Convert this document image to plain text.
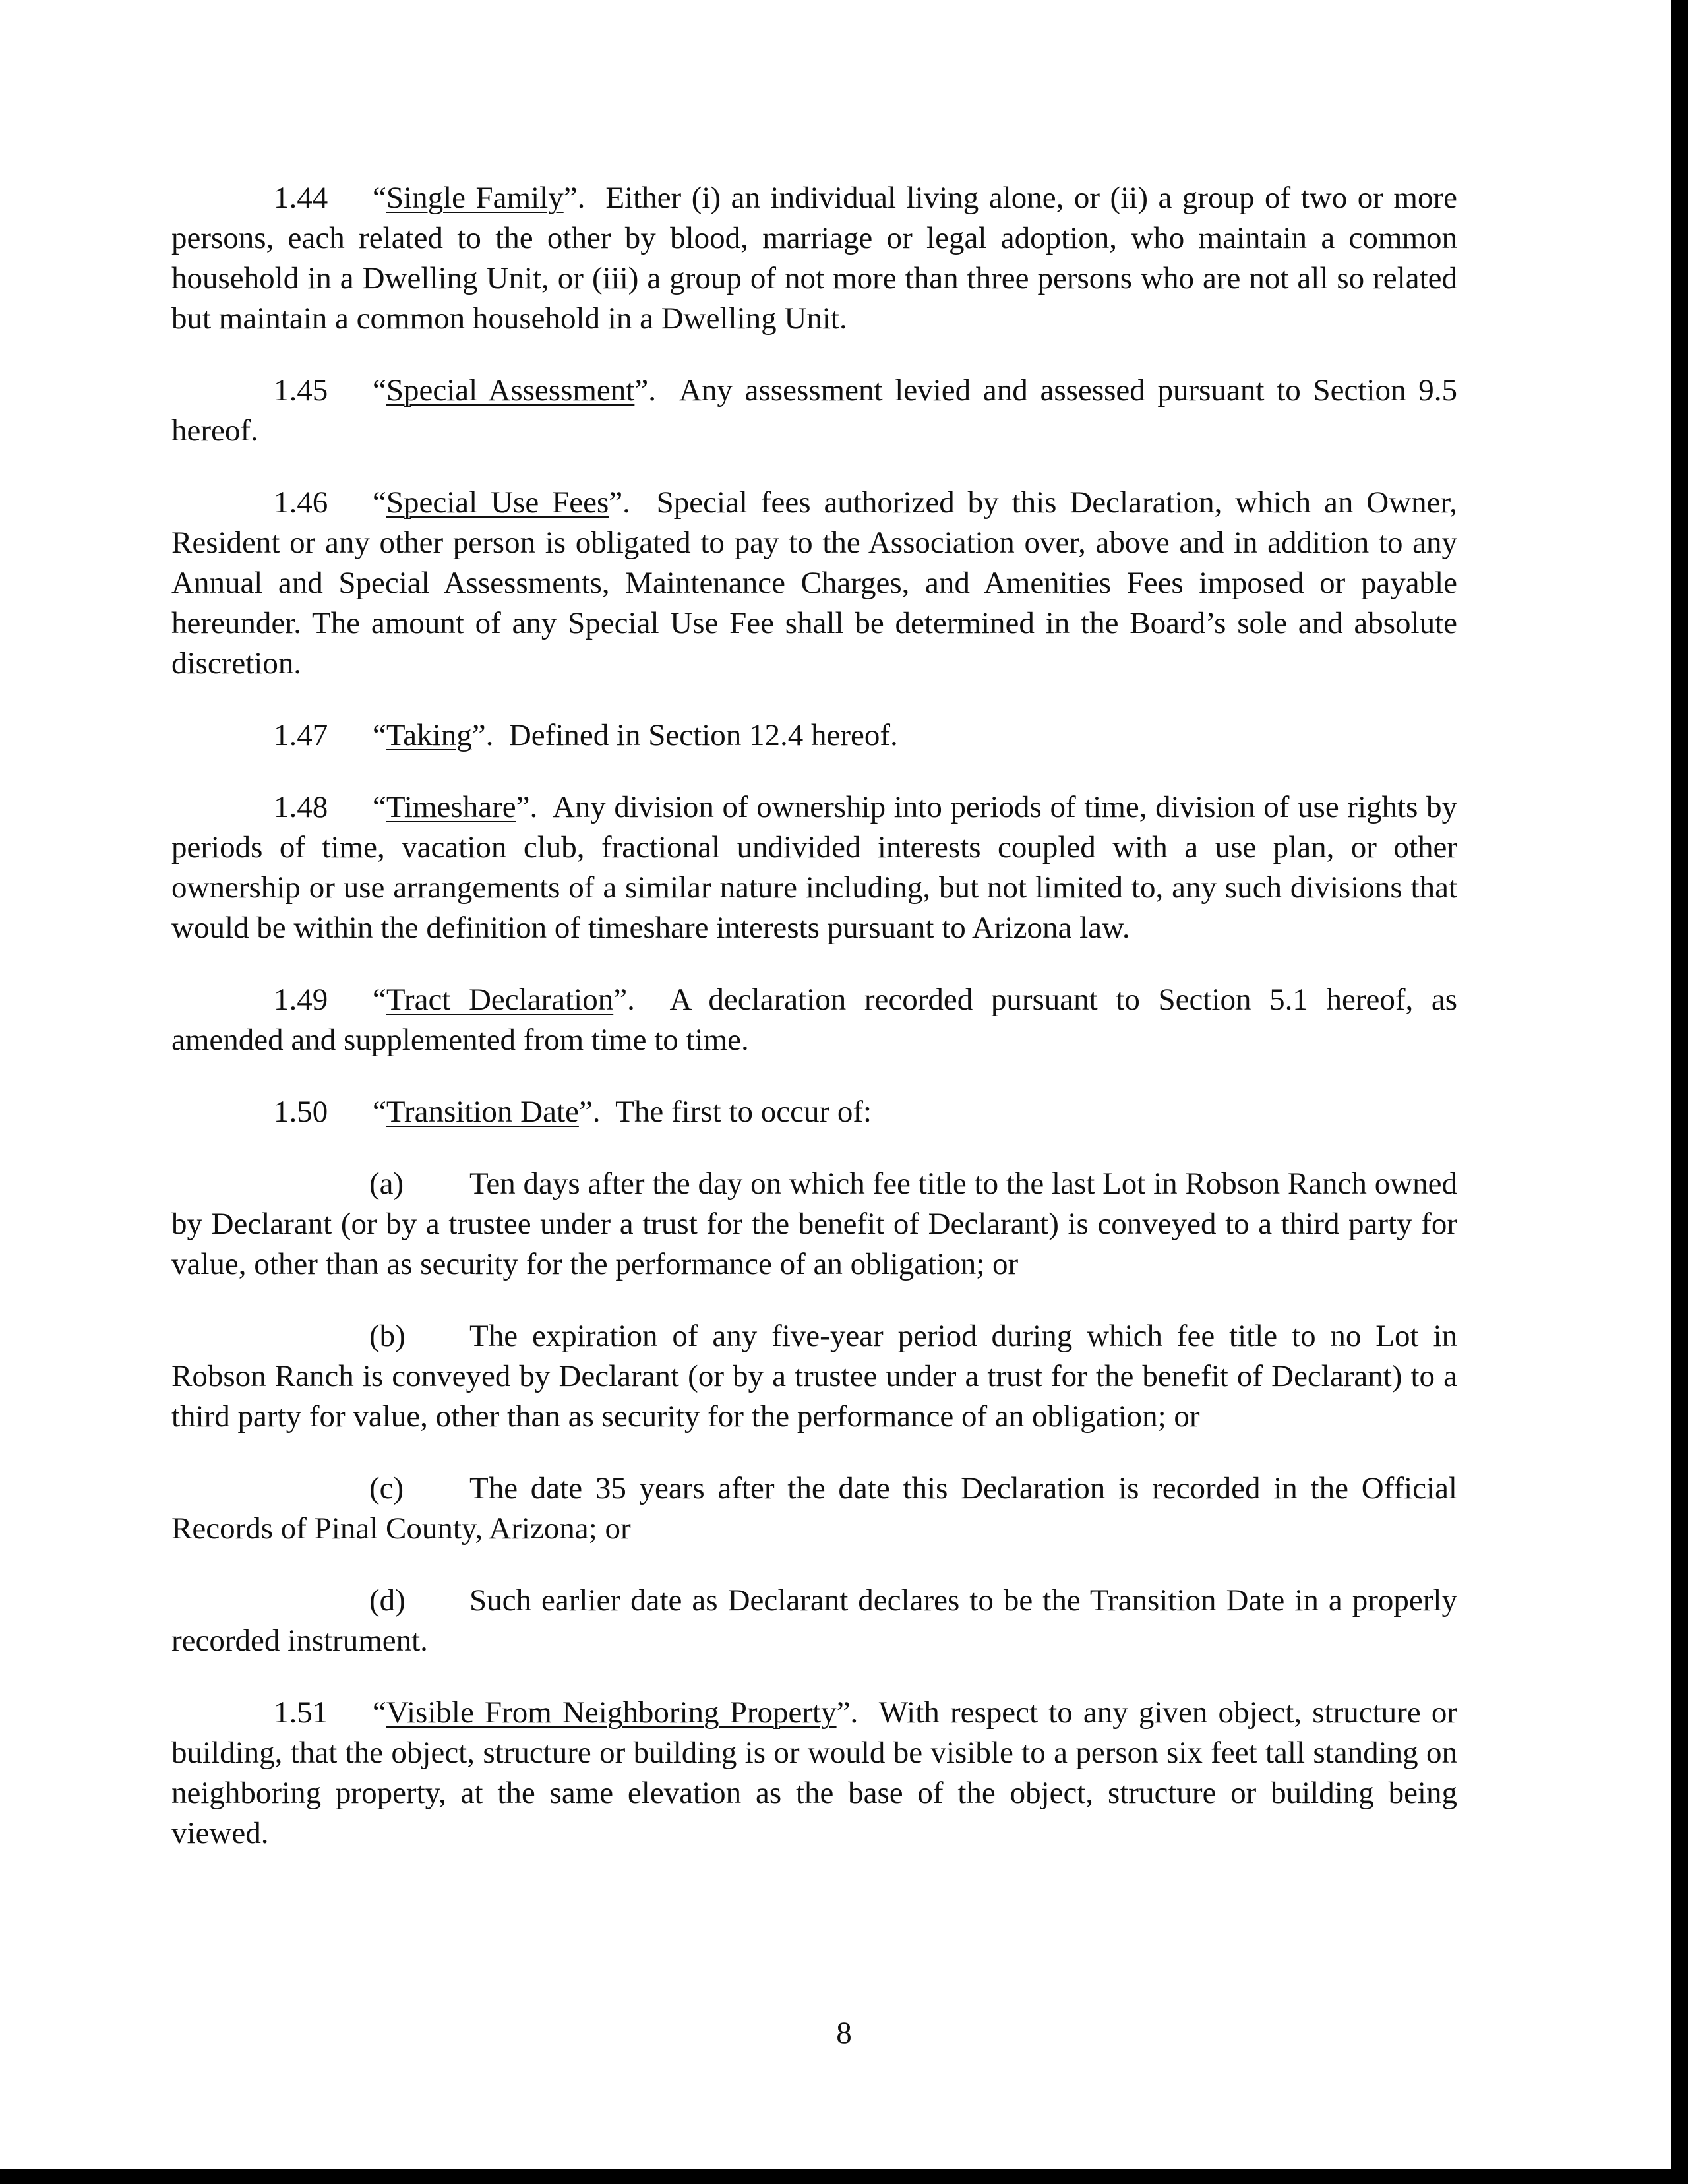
1.44 “Single Family”.  Either (i) an individual living alone, or (ii) a group of two or more persons, each related to the other by blood, marriage or legal adoption, who maintain a common household in a Dwelling Unit, or (iii) a group of not more than three persons who are not all so related but maintain a common household in a Dwelling Unit.

1.45 “Special Assessment”.  Any assessment levied and assessed pursuant to Section 9.5 hereof.

1.46 “Special Use Fees”.  Special fees authorized by this Declaration, which an Owner, Resident or any other person is obligated to pay to the Association over, above and in addition to any Annual and Special Assessments, Maintenance Charges, and Amenities Fees imposed or payable hereunder. The amount of any Special Use Fee shall be determined in the Board’s sole and absolute discretion.

1.47 “Taking”.  Defined in Section 12.4 hereof.

1.48 “Timeshare”.  Any division of ownership into periods of time, division of use rights by periods of time, vacation club, fractional undivided interests coupled with a use plan, or other ownership or use arrangements of a similar nature including, but not limited to, any such divisions that would be within the definition of timeshare interests pursuant to Arizona law.

1.49 “Tract Declaration”.  A declaration recorded pursuant to Section 5.1 hereof, as amended and supplemented from time to time.

1.50 “Transition Date”.  The first to occur of:

(a) Ten days after the day on which fee title to the last Lot in Robson Ranch owned by Declarant (or by a trustee under a trust for the benefit of Declarant) is conveyed to a third party for value, other than as security for the performance of an obligation; or

(b) The expiration of any five-year period during which fee title to no Lot in Robson Ranch is conveyed by Declarant (or by a trustee under a trust for the benefit of Declarant) to a third party for value, other than as security for the performance of an obligation; or

(c) The date 35 years after the date this Declaration is recorded in the Official Records of Pinal County, Arizona; or

(d) Such earlier date as Declarant declares to be the Transition Date in a properly recorded instrument.

1.51 “Visible From Neighboring Property”.  With respect to any given object, structure or building, that the object, structure or building is or would be visible to a person six feet tall standing on neighboring property, at the same elevation as the base of the object, structure or building being viewed.

8
